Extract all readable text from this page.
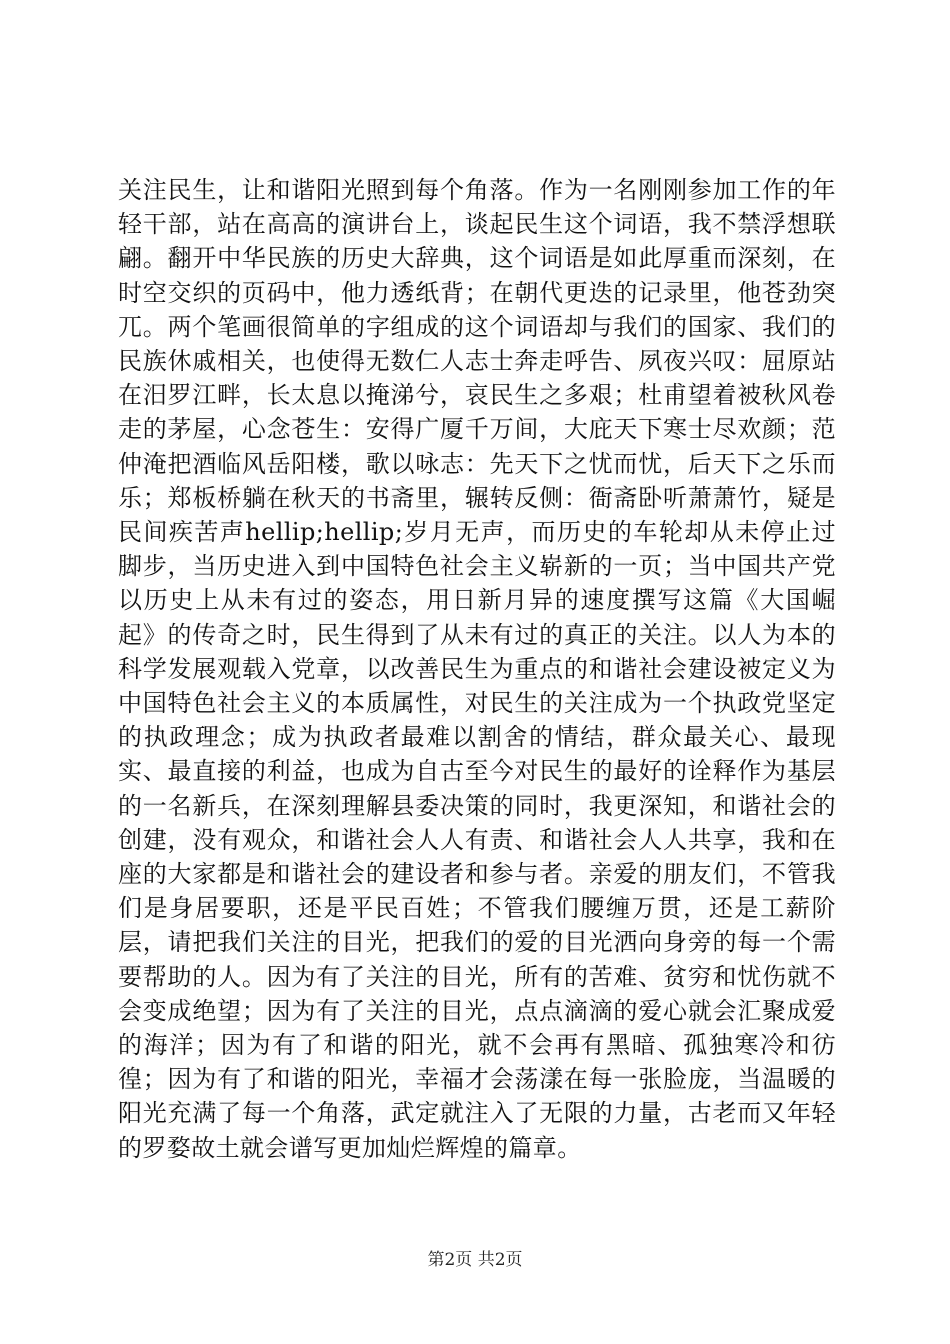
关注民生，让和谐阳光照到每个角落。作为一名刚刚参加工作的年轻干部，站在高高的演讲台上，谈起民生这个词语，我不禁浮想联翩。翻开中华民族的历史大辞典，这个词语是如此厚重而深刻，在时空交织的页码中，他力透纸背；在朝代更迭的记录里，他苍劲突兀。两个笔画很简单的字组成的这个词语却与我们的国家、我们的民族休戚相关，也使得无数仁人志士奔走呼告、夙夜兴叹：屈原站在汨罗江畔，长太息以掩涕兮，哀民生之多艰；杜甫望着被秋风卷走的茅屋，心念苍生：安得广厦千万间，大庇天下寒士尽欢颜；范仲淹把酒临风岳阳楼，歌以咏志：先天下之忧而忧，后天下之乐而乐；郑板桥躺在秋天的书斋里，辗转反侧：衙斋卧听萧萧竹，疑是民间疾苦声hellip;hellip;岁月无声，而历史的车轮却从未停止过脚步，当历史进入到中国特色社会主义崭新的一页；当中国共产党以历史上从未有过的姿态，用日新月异的速度撰写这篇《大国崛起》的传奇之时，民生得到了从未有过的真正的关注。以人为本的科学发展观载入党章，以改善民生为重点的和谐社会建设被定义为中国特色社会主义的本质属性，对民生的关注成为一个执政党坚定的执政理念；成为执政者最难以割舍的情结，群众最关心、最现实、最直接的利益，也成为自古至今对民生的最好的诠释作为基层的一名新兵，在深刻理解县委决策的同时，我更深知，和谐社会的创建，没有观众，和谐社会人人有责、和谐社会人人共享，我和在座的大家都是和谐社会的建设者和参与者。亲爱的朋友们，不管我们是身居要职，还是平民百姓；不管我们腰缠万贯，还是工薪阶层，请把我们关注的目光，把我们的爱的目光洒向身旁的每一个需要帮助的人。因为有了关注的目光，所有的苦难、贫穷和忧伤就不会变成绝望；因为有了关注的目光，点点滴滴的爱心就会汇聚成爱的海洋；因为有了和谐的阳光，就不会再有黑暗、孤独寒冷和彷徨；因为有了和谐的阳光，幸福才会荡漾在每一张脸庞，当温暖的阳光充满了每一个角落，武定就注入了无限的力量，古老而又年轻的罗婺故土就会谱写更加灿烂辉煌的篇章。

第2页 共2页
